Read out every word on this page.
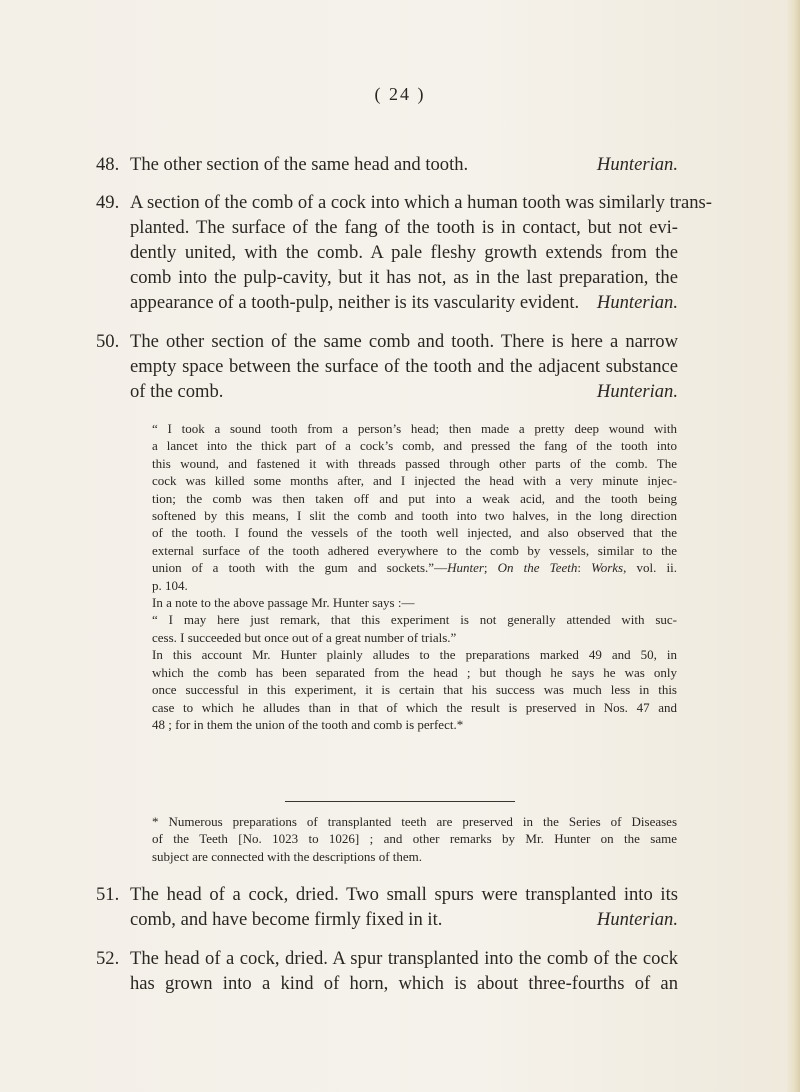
( 24 )
48. The other section of the same head and tooth.	Hunterian.
49. A section of the comb of a cock into which a human tooth was similarly trans-
planted. The surface of the fang of the tooth is in contact, but not evi-
dently united, with the comb. A pale fleshy growth extends from the
comb into the pulp-cavity, but it has not, as in the last preparation, the
appearance of a tooth-pulp, neither is its vascularity evident. Hunterian.
50. The other section of the same comb and tooth. There is here a narrow
empty space between the surface of the tooth and the adjacent substance
of the comb.	Hunterian.
“ I took a sound tooth from a person’s head; then made a pretty deep wound with
a lancet into the thick part of a cock’s comb, and pressed the fang of the tooth into
this wound, and fastened it with threads passed through other parts of the comb. The
cock was killed some months after, and I injected the head with a very minute injec-
tion; the comb was then taken off and put into a weak acid, and the tooth being
softened by this means, I slit the comb and tooth into two halves, in the long direction
of the tooth. I found the vessels of the tooth well injected, and also observed that the
external surface of the tooth adhered everywhere to the comb by vessels, similar to the
union of a tooth with the gum and sockets.”—Hunter; On the Teeth: Works, vol. ii.
p. 104.
In a note to the above passage Mr. Hunter says :—
“ I may here just remark, that this experiment is not generally attended with suc-
cess. I succeeded but once out of a great number of trials.”
In this account Mr. Hunter plainly alludes to the preparations marked 49 and 50, in
which the comb has been separated from the head ; but though he says he was only
once successful in this experiment, it is certain that his success was much less in this
case to which he alludes than in that of which the result is preserved in Nos. 47 and
48 ; for in them the union of the tooth and comb is perfect.*
* Numerous preparations of transplanted teeth are preserved in the Series of Diseases
of the Teeth [No. 1023 to 1026] ; and other remarks by Mr. Hunter on the same
subject are connected with the descriptions of them.
51. The head of a cock, dried. Two small spurs were transplanted into its
comb, and have become firmly fixed in it.	Hunterian.
52. The head of a cock, dried. A spur transplanted into the comb of the cock
has grown into a kind of horn, which is about three-fourths of an
